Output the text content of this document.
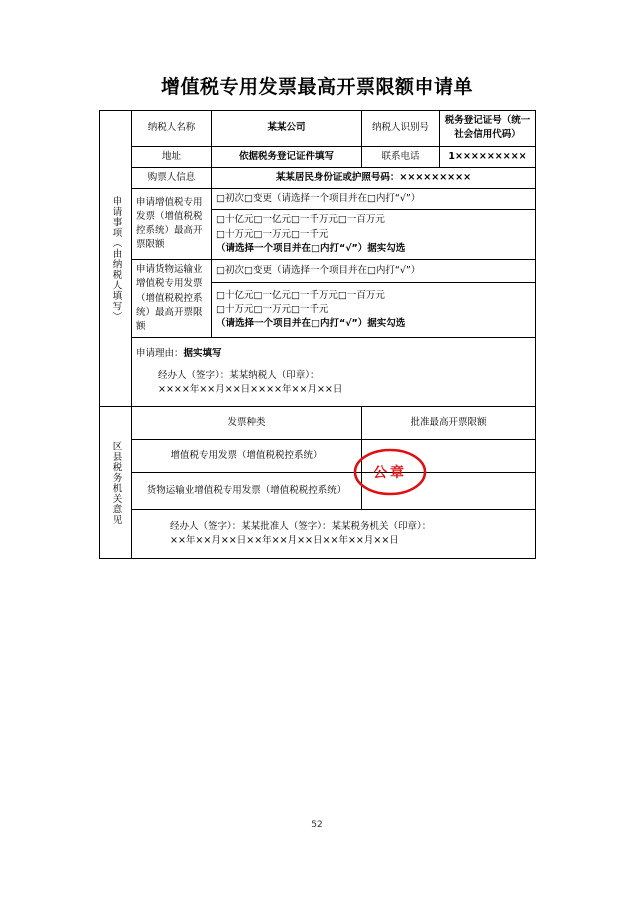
增值税专用发票最高开票限额申请单
申请事项（由纳税人填写）	纳税人名称	某某公司	纳税人识别号	税务登记证号（统一社会信用代码）
	地址	依据税务登记证件填写	联系电话	1×××××××××
	购票人信息	某某居民身份证或护照号码：×××××××××		
	申请增值税专用发票（增值税税控系统）最高开票限额	□初次□变更（请选择一个项目并在□内打“√”）		

		□十亿元□一亿元□一千万元□一百万元
□十万元□一万元□一千元
（请选择一个项目并在□内打“√”）据实勾选		

	申请货物运输业增值税专用发票（增值税税控系统）最高开票限额	□初次□变更（请选择一个项目并在□内打“√”）		

		□十亿元□一亿元□一千万元□一百万元
□十万元□一万元□一千元
（请选择一个项目并在□内打“√”）据实勾选		

	申请理由：据实填写
经办人（签字）：某某纳税人（印章）：
××××年××月××日××××年××月××日			

区县税务机关意见	发票种类		批准最高开票限额	
	增值税专用发票（增值税税控系统）			
	货物运输业增值税专用发票（增值税税控系统）			

	经办人（签字）：某某批准人（签字）：某某税务机关（印章）：
××年××月××日××年××月××日××年××月××日			
公章
52
